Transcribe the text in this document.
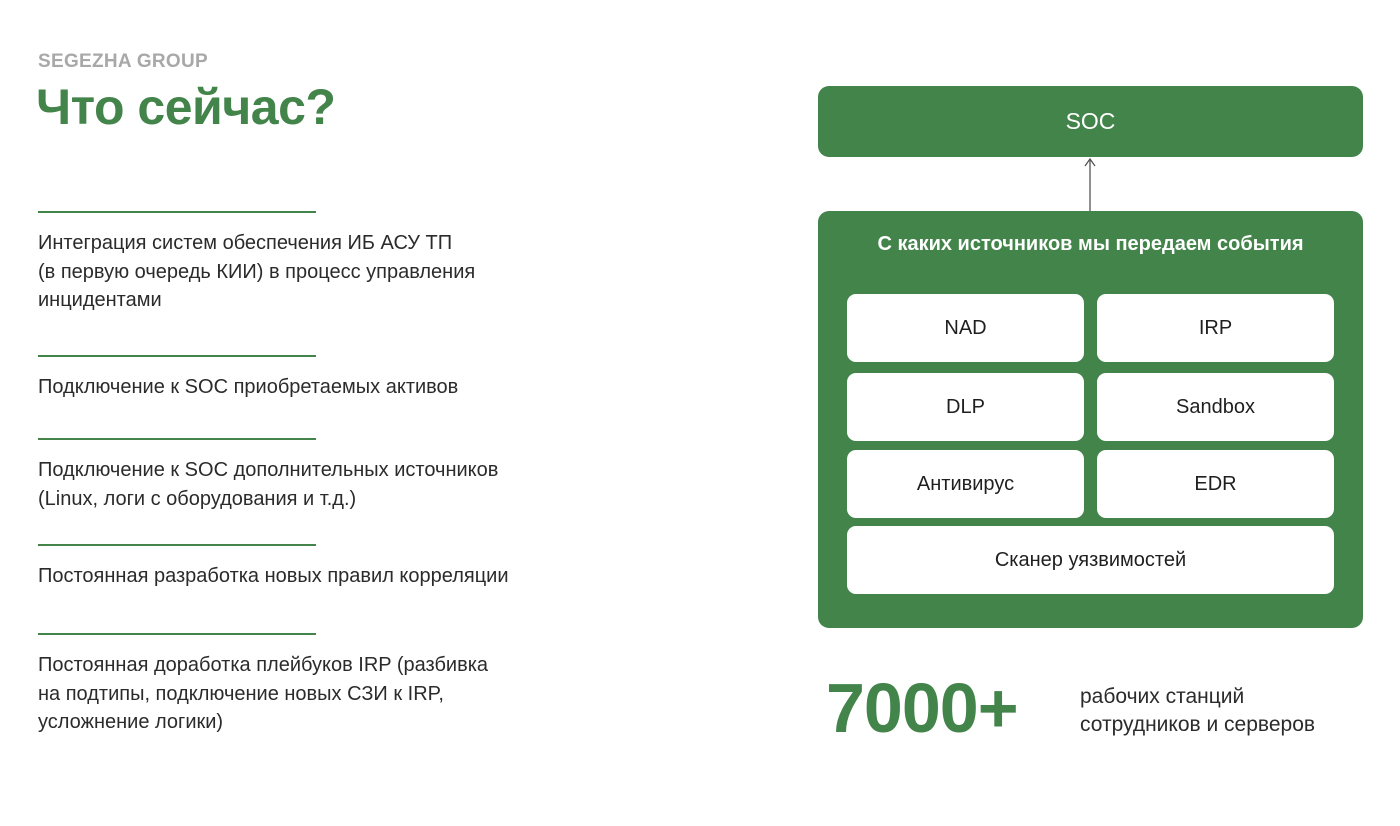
SEGEZHA GROUP
Что сейчас?
Интеграция систем обеспечения ИБ АСУ ТП
(в первую очередь КИИ) в процесс управления
инцидентами
Подключение к SOC приобретаемых активов
Подключение к SOC дополнительных источников
(Linux, логи с оборудования и т.д.)
Постоянная разработка новых правил корреляции
Постоянная доработка плейбуков IRP (разбивка
на подтипы, подключение новых СЗИ к IRP,
усложнение логики)
SOC
С каких источников мы передаем события
NAD	IRP
DLP	Sandbox
Антивирус	EDR
Сканер уязвимостей
7000+	рабочих станций
сотрудников и серверов
